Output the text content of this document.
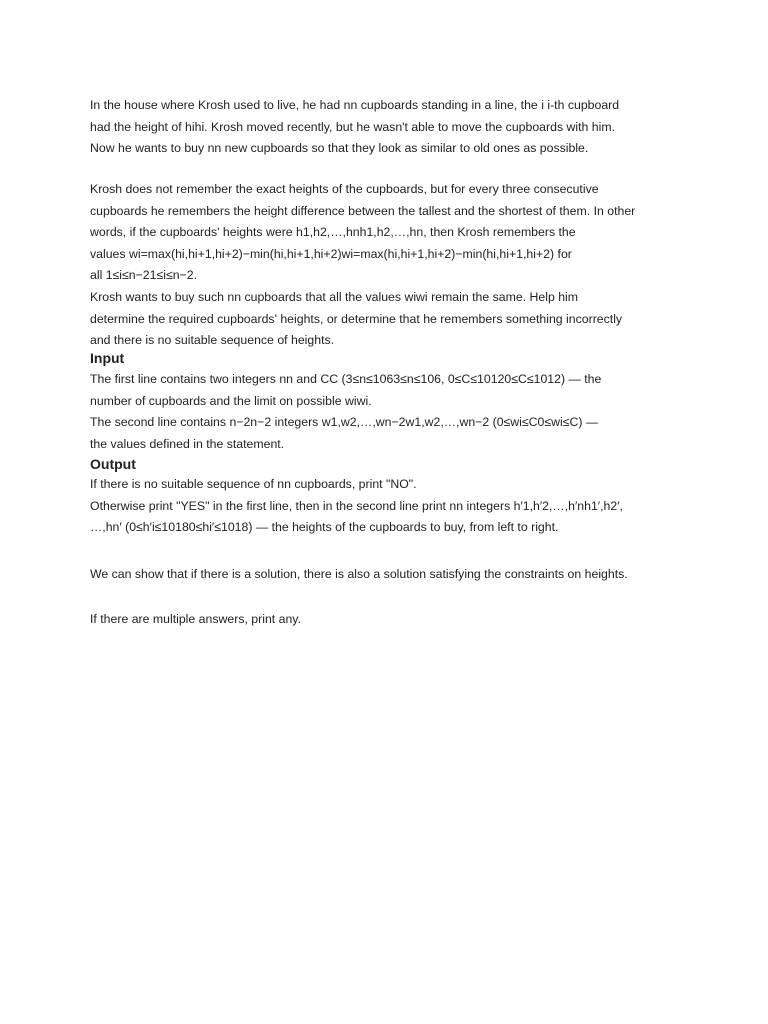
In the house where Krosh used to live, he had nn cupboards standing in a line, the i i-th cupboard
had the height of hihi. Krosh moved recently, but he wasn't able to move the cupboards with him.
Now he wants to buy nn new cupboards so that they look as similar to old ones as possible.

Krosh does not remember the exact heights of the cupboards, but for every three consecutive
cupboards he remembers the height difference between the tallest and the shortest of them. In other
words, if the cupboards' heights were h1,h2,…,hnh1,h2,…,hn, then Krosh remembers the
values wi=max(hi,hi+1,hi+2)−min(hi,hi+1,hi+2)wi=max(hi,hi+1,hi+2)−min(hi,hi+1,hi+2) for
all 1≤i≤n−21≤i≤n−2.

Krosh wants to buy such nn cupboards that all the values wiwi remain the same. Help him
determine the required cupboards' heights, or determine that he remembers something incorrectly
and there is no suitable sequence of heights.

Input

The first line contains two integers nn and CC (3≤n≤1063≤n≤106, 0≤C≤10120≤C≤1012) — the
number of cupboards and the limit on possible wiwi.
The second line contains n−2n−2 integers w1,w2,…,wn−2w1,w2,…,wn−2 (0≤wi≤C0≤wi≤C) —
the values defined in the statement.

Output

If there is no suitable sequence of nn cupboards, print "NO".
Otherwise print "YES" in the first line, then in the second line print nn integers h′1,h′2,…,h′nh1′,h2′,
…,hn′ (0≤h′i≤10180≤hi′≤1018) — the heights of the cupboards to buy, from left to right.

We can show that if there is a solution, there is also a solution satisfying the constraints on heights.

If there are multiple answers, print any.
